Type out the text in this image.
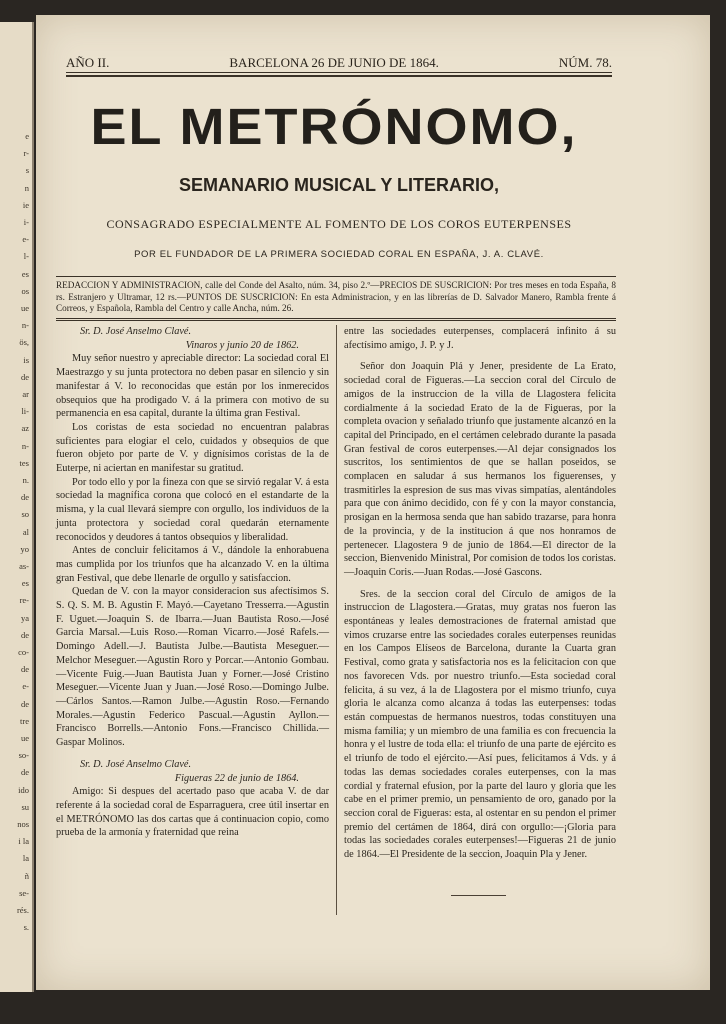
e
r-
s
n
ie
i-
e-
l-
es
os
ue
n-
ös,
is
de
ar
li-
az
n-
tes
n.
de
so
al
yo
as-
es
re-
ya
de
co-
de
e-
de
tre
ue
so-
de
ido
su
nos
i la
la
ñ
se-
rés.
s.
AÑO II.	BARCELONA 26 DE JUNIO DE 1864.	NÚM. 78.
EL METRÓNOMO,
SEMANARIO MUSICAL Y LITERARIO,
CONSAGRADO ESPECIALMENTE AL FOMENTO DE LOS COROS EUTERPENSES
POR EL FUNDADOR DE LA PRIMERA SOCIEDAD CORAL EN ESPAÑA, J. A. CLAVÉ.
REDACCION Y ADMINISTRACION, calle del Conde del Asalto, núm. 34, piso 2.º—PRECIOS DE SUSCRICION: Por tres meses en toda España, 8 rs. Estranjero y Ultramar, 12 rs.—PUNTOS DE SUSCRICION: En esta Administracion, y en las librerías de D. Salvador Manero, Rambla frente á Correos, y Española, Rambla del Centro y calle Ancha, núm. 26.

Sr. D. José Anselmo Clavé.

Vinaros y junio 20 de 1862.

Muy señor nuestro y apreciable director: La sociedad coral El Maestrazgo y su junta protectora no deben pasar en silencio y sin manifestar á V. lo reconocidas que están por los inmerecidos obsequios que ha prodigado V. á la primera con motivo de su permanencia en esa capital, durante la última gran Festival.

Los coristas de esta sociedad no encuentran palabras suficientes para elogiar el celo, cuidados y obsequios de que fueron objeto por parte de V. y dignísimos coristas de la de Euterpe, ni aciertan en manifestar su gratitud.

Por todo ello y por la fineza con que se sirvió regalar V. á esta sociedad la magnífica corona que colocó en el estandarte de la misma, y la cual llevará siempre con orgullo, los individuos de la junta protectora y sociedad coral quedarán eternamente reconocidos y deudores á tantos obsequios y liberalidad.

Antes de concluir felicitamos á V., dándole la enhorabuena mas cumplida por los triunfos que ha alcanzado V. en la última gran Festival, que debe llenarle de orgullo y satisfaccion.

Quedan de V. con la mayor consideracion sus afectísimos S. S. Q. S. M. B. Agustin F. Mayó.—Cayetano Tresserra.—Agustin F. Uguet.—Joaquin S. de Ibarra.—Juan Bautista Roso.—José Garcia Marsal.—Luis Roso.—Roman Vicarro.—José Rafels.—Domingo Adell.—J. Bautista Julbe.—Bautista Meseguer.—Melchor Meseguer.—Agustin Roro y Porcar.—Antonio Gombau.—Vicente Fuig.—Juan Bautista Juan y Forner.—José Cristino Meseguer.—Vicente Juan y Juan.—José Roso.—Domingo Julbe.—Cárlos Santos.—Ramon Julbe.—Agustin Roso.—Fernando Morales.—Agustin Federico Pascual.—Agustin Ayllon.—Francisco Borrells.—Antonio Fons.—Francisco Chillida.—Gaspar Molinos.

Sr. D. José Anselmo Clavé.

Figueras 22 de junio de 1864.

Amigo: Si despues del acertado paso que acaba V. de dar referente á la sociedad coral de Esparraguera, cree útil insertar en el METRÓNOMO las dos cartas que á continuacion copio, como prueba de la armonía y fraternidad que reina

entre las sociedades euterpenses, complacerá infinito á su afectísimo amigo, J. P. y J.

Señor don Joaquin Plá y Jener, presidente de La Erato, sociedad coral de Figueras.—La seccion coral del Círculo de amigos de la instruccion de la villa de Llagostera felicita cordialmente á la sociedad Erato de la de Figueras, por la completa ovacion y señalado triunfo que justamente alcanzó en la capital del Principado, en el certámen celebrado durante la pasada Gran festival de coros euterpenses.—Al dejar consignados los suscritos, los sentimientos de que se hallan poseidos, se complacen en saludar á sus hermanos los figuerenses, y trasmitirles la espresion de sus mas vivas simpatías, alentándoles para que con ánimo decidido, con fé y con la mayor constancia, prosigan en la hermosa senda que han sabido trazarse, para honra de la provincia, y de la institucion á que nos honramos de pertenecer. Llagostera 9 de junio de 1864.—El director de la seccion, Bienvenido Ministral, Por comision de todos los coristas.—Joaquin Coris.—Juan Rodas.—José Gascons.

Sres. de la seccion coral del Círculo de amigos de la instruccion de Llagostera.—Gratas, muy gratas nos fueron las espontáneas y leales demostraciones de fraternal amistad que vimos cruzarse entre las sociedades corales euterpenses reunidas en los Campos Elíseos de Barcelona, durante la Cuarta gran Festival, como grata y satisfactoria nos es la felicitacion con que nos favorecen Vds. por nuestro triunfo.—Esta sociedad coral felicita, á su vez, á la de Llagostera por el mismo triunfo, cuya gloria le alcanza como alcanza á todas las euterpenses: todas están compuestas de hermanos nuestros, todas constituyen una misma familia; y un miembro de una familia es con frecuencia la honra y el lustre de toda ella: el triunfo de una parte de ejército es el triunfo de todo el ejército.—Así pues, felicitamos á Vds. y á todas las demas sociedades corales euterpenses, con la mas cordial y fraternal efusion, por la parte del lauro y gloria que les cabe en el primer premio, un pensamiento de oro, ganado por la seccion coral de Figueras: esta, al ostentar en su pendon el primer premio del certámen de 1864, dirá con orgullo:—¡Gloria para todas las sociedades corales euterpenses!—Figueras 21 de junio de 1864.—El Presidente de la seccion, Joaquin Pla y Jener.
